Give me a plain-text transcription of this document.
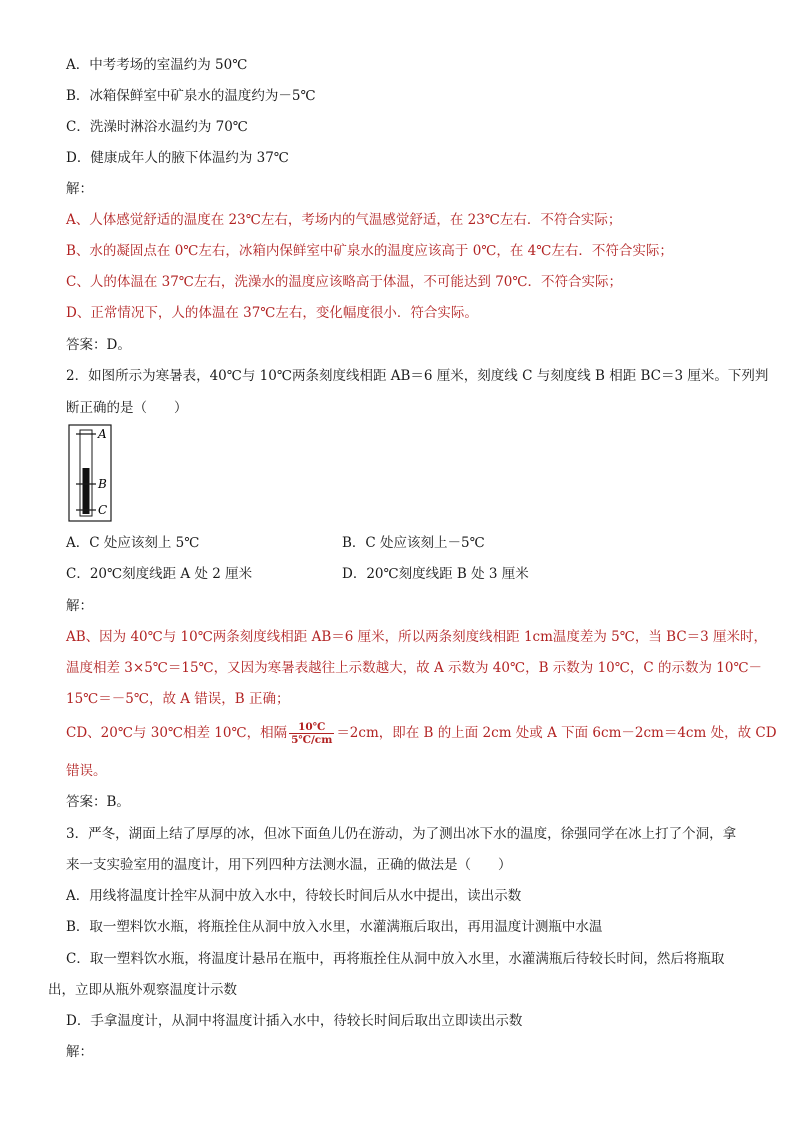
A．中考考场的室温约为 50℃
B．冰箱保鲜室中矿泉水的温度约为－5℃
C．洗澡时淋浴水温约为 70℃
D．健康成年人的腋下体温约为 37℃
解：
A、人体感觉舒适的温度在 23℃左右，考场内的气温感觉舒适，在 23℃左右．不符合实际；
B、水的凝固点在 0℃左右，冰箱内保鲜室中矿泉水的温度应该高于 0℃，在 4℃左右．不符合实际；
C、人的体温在 37℃左右，洗澡水的温度应该略高于体温，不可能达到 70℃．不符合实际；
D、正常情况下，人的体温在 37℃左右，变化幅度很小．符合实际。
答案：D。
2．如图所示为寒暑表，40℃与 10℃两条刻度线相距 AB＝6 厘米，刻度线 C 与刻度线 B 相距 BC＝3 厘米。下列判
断正确的是（　　）
A
B
C
A．C 处应该刻上 5℃	B．C 处应该刻上－5℃
C．20℃刻度线距 A 处 2 厘米	D．20℃刻度线距 B 处 3 厘米
解：
AB、因为 40℃与 10℃两条刻度线相距 AB＝6 厘米，所以两条刻度线相距 1cm温度差为 5℃，当 BC＝3 厘米时，
温度相差 3×5℃＝15℃，又因为寒暑表越往上示数越大，故 A 示数为 40℃，B 示数为 10℃，C 的示数为 10℃－
15℃＝－5℃，故 A 错误，B 正确；
CD、20℃与 30℃相差 10℃，相隔 $\frac{10℃}{5℃/cm} =2cm$，即在 B 的上面 2cm 处或 A 下面 6cm－2cm＝4cm 处，故 CD
错误。
答案：B。
3．严冬，湖面上结了厚厚的冰，但冰下面鱼儿仍在游动，为了测出冰下水的温度，徐强同学在冰上打了个洞，拿
来一支实验室用的温度计，用下列四种方法测水温，正确的做法是（　　）
A．用线将温度计拴牢从洞中放入水中，待较长时间后从水中提出，读出示数
B．取一塑料饮水瓶，将瓶拴住从洞中放入水里，水灌满瓶后取出，再用温度计测瓶中水温
C．取一塑料饮水瓶，将温度计悬吊在瓶中，再将瓶拴住从洞中放入水里，水灌满瓶后待较长时间，然后将瓶取
出，立即从瓶外观察温度计示数
D．手拿温度计，从洞中将温度计插入水中，待较长时间后取出立即读出示数
解：
